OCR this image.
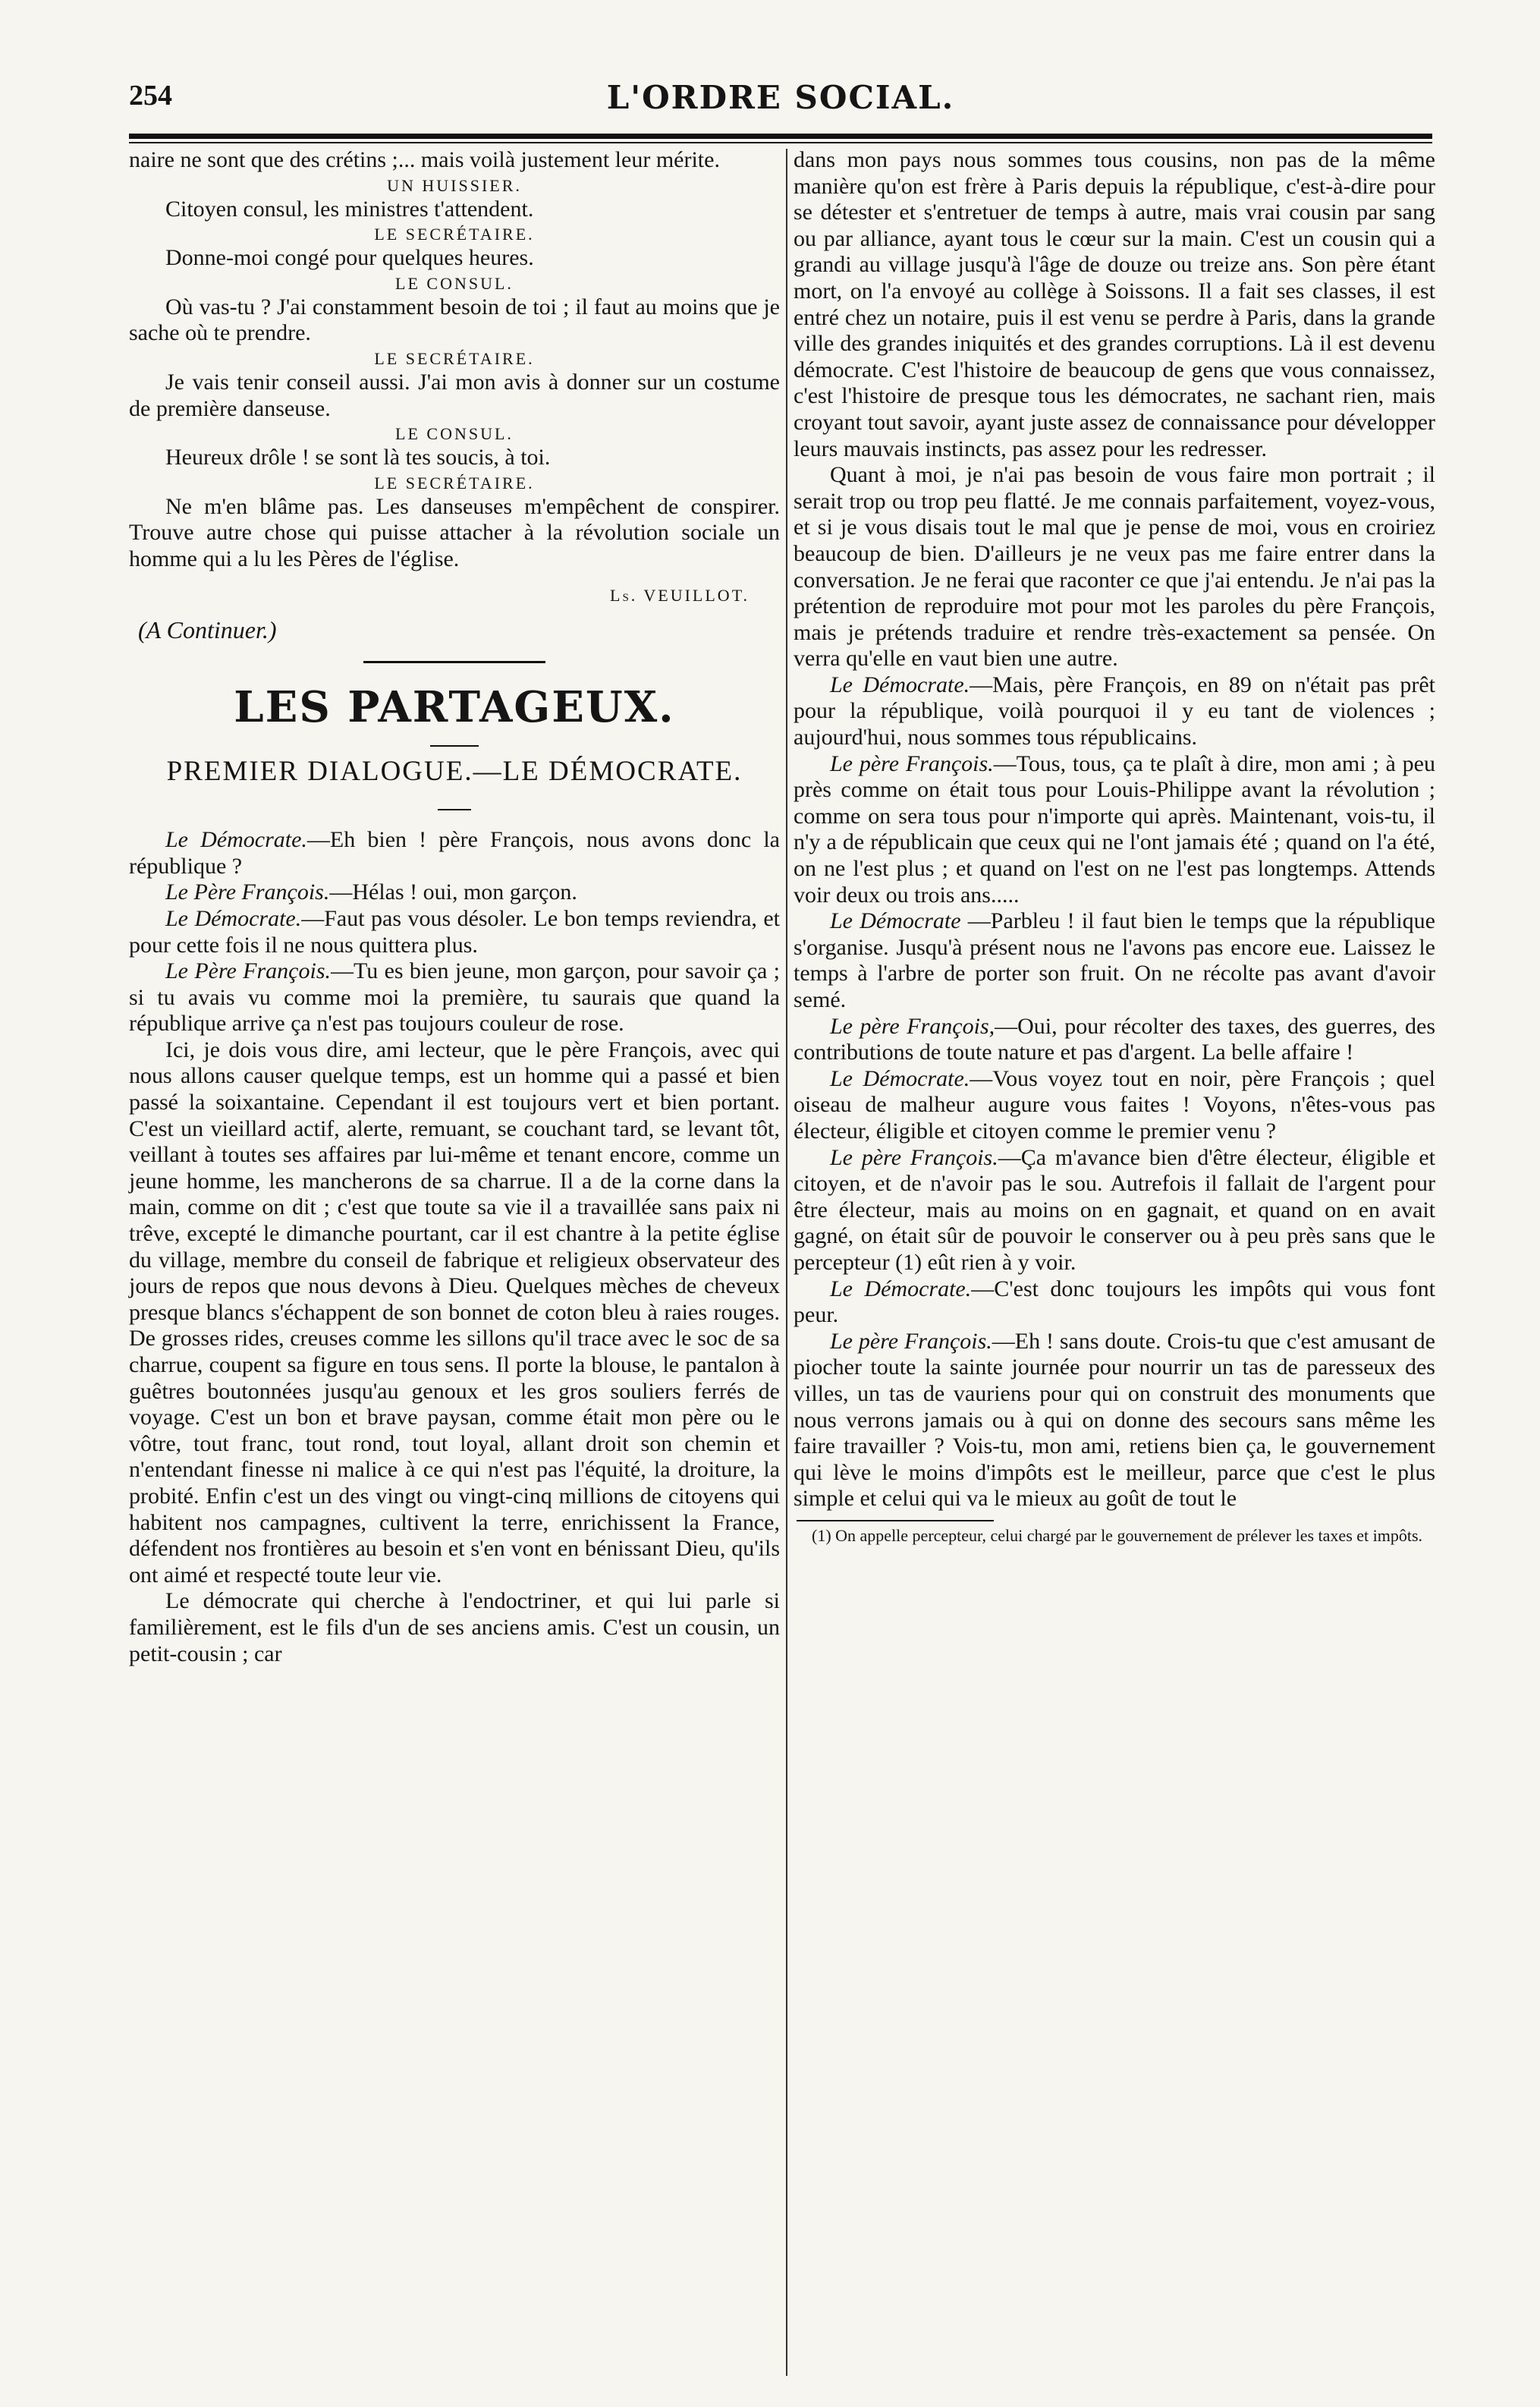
254	L'ORDRE SOCIAL.

naire ne sont que des crétins ;... mais voilà justement leur mérite.

UN HUISSIER.

Citoyen consul, les ministres t'attendent.

LE SECRÉTAIRE.

Donne-moi congé pour quelques heures.

LE CONSUL.

Où vas-tu ? J'ai constamment besoin de toi ; il faut au moins que je sache où te prendre.

LE SECRÉTAIRE.

Je vais tenir conseil aussi. J'ai mon avis à donner sur un costume de première danseuse.

LE CONSUL.

Heureux drôle ! se sont là tes soucis, à toi.

LE SECRÉTAIRE.

Ne m'en blâme pas. Les danseuses m'empêchent de conspirer. Trouve autre chose qui puisse attacher à la révolution sociale un homme qui a lu les Pères de l'église.

Ls. VEUILLOT.
(A Continuer.)
LES PARTAGEUX.
PREMIER DIALOGUE.—LE DÉMOCRATE.

Le Démocrate.—Eh bien ! père François, nous avons donc la république ?

Le Père François.—Hélas ! oui, mon garçon.

Le Démocrate.—Faut pas vous désoler. Le bon temps reviendra, et pour cette fois il ne nous quittera plus.

Le Père François.—Tu es bien jeune, mon garçon, pour savoir ça ; si tu avais vu comme moi la première, tu saurais que quand la république arrive ça n'est pas toujours couleur de rose.

Ici, je dois vous dire, ami lecteur, que le père François, avec qui nous allons causer quelque temps, est un homme qui a passé et bien passé la soixantaine. Cependant il est toujours vert et bien portant. C'est un vieillard actif, alerte, remuant, se couchant tard, se levant tôt, veillant à toutes ses affaires par lui-même et tenant encore, comme un jeune homme, les mancherons de sa charrue. Il a de la corne dans la main, comme on dit ; c'est que toute sa vie il a travaillée sans paix ni trêve, excepté le dimanche pourtant, car il est chantre à la petite église du village, membre du conseil de fabrique et religieux observateur des jours de repos que nous devons à Dieu. Quelques mèches de cheveux presque blancs s'échappent de son bonnet de coton bleu à raies rouges. De grosses rides, creuses comme les sillons qu'il trace avec le soc de sa charrue, coupent sa figure en tous sens. Il porte la blouse, le pantalon à guêtres boutonnées jusqu'au genoux et les gros souliers ferrés de voyage. C'est un bon et brave paysan, comme était mon père ou le vôtre, tout franc, tout rond, tout loyal, allant droit son chemin et n'entendant finesse ni malice à ce qui n'est pas l'équité, la droiture, la probité. Enfin c'est un des vingt ou vingt-cinq millions de citoyens qui habitent nos campagnes, cultivent la terre, enrichissent la France, défendent nos frontières au besoin et s'en vont en bénissant Dieu, qu'ils ont aimé et respecté toute leur vie.

Le démocrate qui cherche à l'endoctriner, et qui lui parle si familièrement, est le fils d'un de ses anciens amis. C'est un cousin, un petit-cousin ; car

dans mon pays nous sommes tous cousins, non pas de la même manière qu'on est frère à Paris depuis la république, c'est-à-dire pour se détester et s'entretuer de temps à autre, mais vrai cousin par sang ou par alliance, ayant tous le cœur sur la main. C'est un cousin qui a grandi au village jusqu'à l'âge de douze ou treize ans. Son père étant mort, on l'a envoyé au collège à Soissons. Il a fait ses classes, il est entré chez un notaire, puis il est venu se perdre à Paris, dans la grande ville des grandes iniquités et des grandes corruptions. Là il est devenu démocrate. C'est l'histoire de beaucoup de gens que vous connaissez, c'est l'histoire de presque tous les démocrates, ne sachant rien, mais croyant tout savoir, ayant juste assez de connaissance pour développer leurs mauvais instincts, pas assez pour les redresser.

Quant à moi, je n'ai pas besoin de vous faire mon portrait ; il serait trop ou trop peu flatté. Je me connais parfaitement, voyez-vous, et si je vous disais tout le mal que je pense de moi, vous en croiriez beaucoup de bien. D'ailleurs je ne veux pas me faire entrer dans la conversation. Je ne ferai que raconter ce que j'ai entendu. Je n'ai pas la prétention de reproduire mot pour mot les paroles du père François, mais je prétends traduire et rendre très-exactement sa pensée. On verra qu'elle en vaut bien une autre.

Le Démocrate.—Mais, père François, en 89 on n'était pas prêt pour la république, voilà pourquoi il y eu tant de violences ; aujourd'hui, nous sommes tous républicains.

Le père François.—Tous, tous, ça te plaît à dire, mon ami ; à peu près comme on était tous pour Louis-Philippe avant la révolution ; comme on sera tous pour n'importe qui après. Maintenant, vois-tu, il n'y a de républicain que ceux qui ne l'ont jamais été ; quand on l'a été, on ne l'est plus ; et quand on l'est on ne l'est pas longtemps. Attends voir deux ou trois ans.....

Le Démocrate —Parbleu ! il faut bien le temps que la république s'organise. Jusqu'à présent nous ne l'avons pas encore eue. Laissez le temps à l'arbre de porter son fruit. On ne récolte pas avant d'avoir semé.

Le père François,—Oui, pour récolter des taxes, des guerres, des contributions de toute nature et pas d'argent. La belle affaire !

Le Démocrate.—Vous voyez tout en noir, père François ; quel oiseau de malheur augure vous faites ! Voyons, n'êtes-vous pas électeur, éligible et citoyen comme le premier venu ?

Le père François.—Ça m'avance bien d'être électeur, éligible et citoyen, et de n'avoir pas le sou. Autrefois il fallait de l'argent pour être électeur, mais au moins on en gagnait, et quand on en avait gagné, on était sûr de pouvoir le conserver ou à peu près sans que le percepteur (1) eût rien à y voir.

Le Démocrate.—C'est donc toujours les impôts qui vous font peur.

Le père François.—Eh ! sans doute. Crois-tu que c'est amusant de piocher toute la sainte journée pour nourrir un tas de paresseux des villes, un tas de vauriens pour qui on construit des monuments que nous verrons jamais ou à qui on donne des secours sans même les faire travailler ? Vois-tu, mon ami, retiens bien ça, le gouvernement qui lève le moins d'impôts est le meilleur, parce que c'est le plus simple et celui qui va le mieux au goût de tout le

(1) On appelle percepteur, celui chargé par le gouvernement de prélever les taxes et impôts.
